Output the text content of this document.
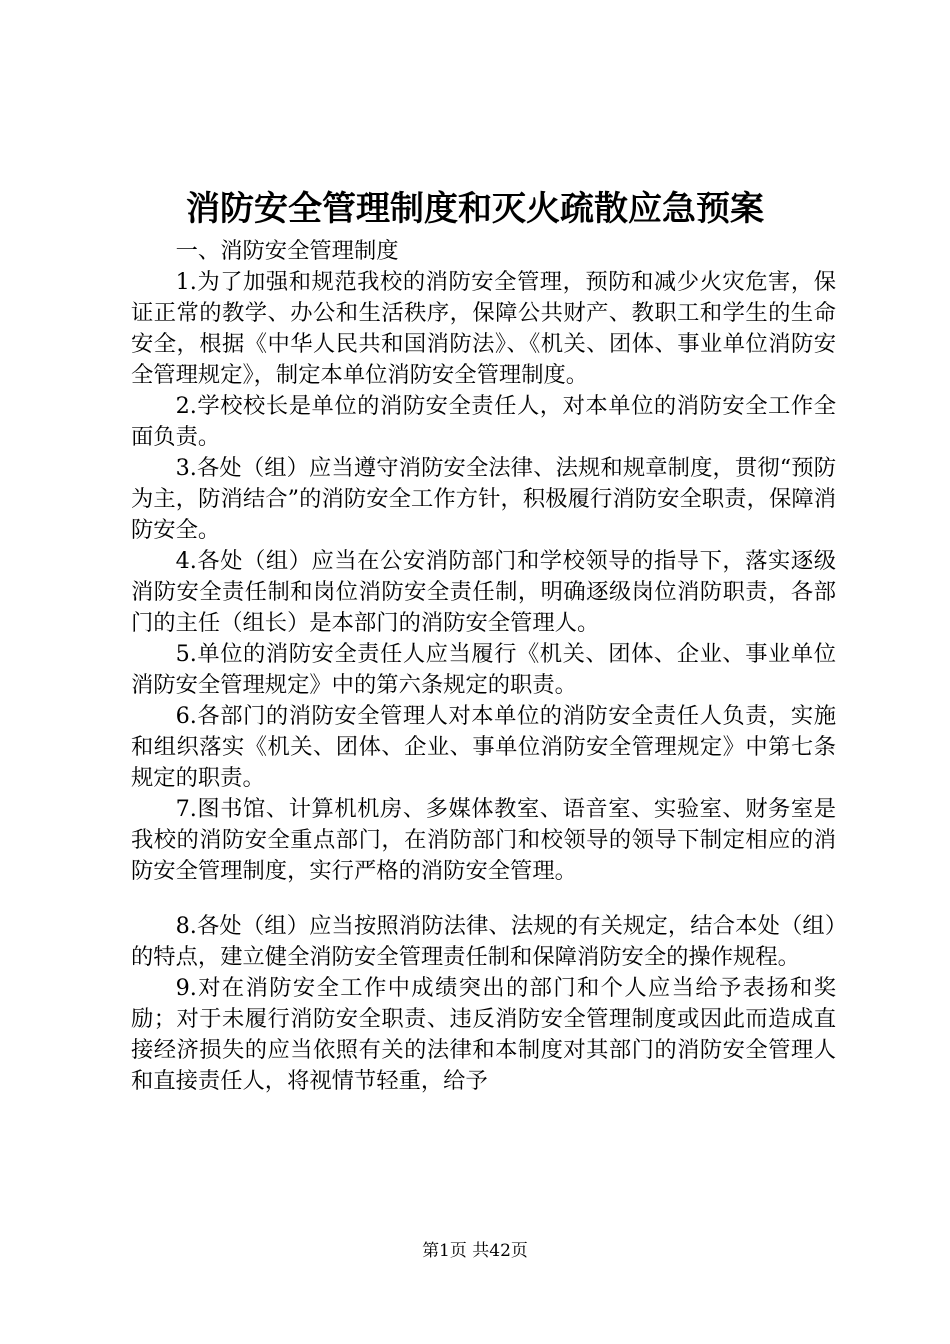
消防安全管理制度和灭火疏散应急预案

一、消防安全管理制度

1.为了加强和规范我校的消防安全管理，预防和减少火灾危害，保证正常的教学、办公和生活秩序，保障公共财产、教职工和学生的生命安全，根据《中华人民共和国消防法》、《机关、团体、事业单位消防安全管理规定》，制定本单位消防安全管理制度。

2.学校校长是单位的消防安全责任人，对本单位的消防安全工作全面负责。

3.各处（组）应当遵守消防安全法律、法规和规章制度，贯彻“预防为主，防消结合”的消防安全工作方针，积极履行消防安全职责，保障消防安全。

4.各处（组）应当在公安消防部门和学校领导的指导下，落实逐级消防安全责任制和岗位消防安全责任制，明确逐级岗位消防职责，各部门的主任（组长）是本部门的消防安全管理人。

5.单位的消防安全责任人应当履行《机关、团体、企业、事业单位消防安全管理规定》中的第六条规定的职责。

6.各部门的消防安全管理人对本单位的消防安全责任人负责，实施和组织落实《机关、团体、企业、事单位消防安全管理规定》中第七条规定的职责。

7.图书馆、计算机机房、多媒体教室、语音室、实验室、财务室是我校的消防安全重点部门，在消防部门和校领导的领导下制定相应的消防安全管理制度，实行严格的消防安全管理。

8.各处（组）应当按照消防法律、法规的有关规定，结合本处（组）的特点，建立健全消防安全管理责任制和保障消防安全的操作规程。

9.对在消防安全工作中成绩突出的部门和个人应当给予表扬和奖励；对于未履行消防安全职责、违反消防安全管理制度或因此而造成直接经济损失的应当依照有关的法律和本制度对其部门的消防安全管理人和直接责任人，将视情节轻重，给予

第1页 共42页
